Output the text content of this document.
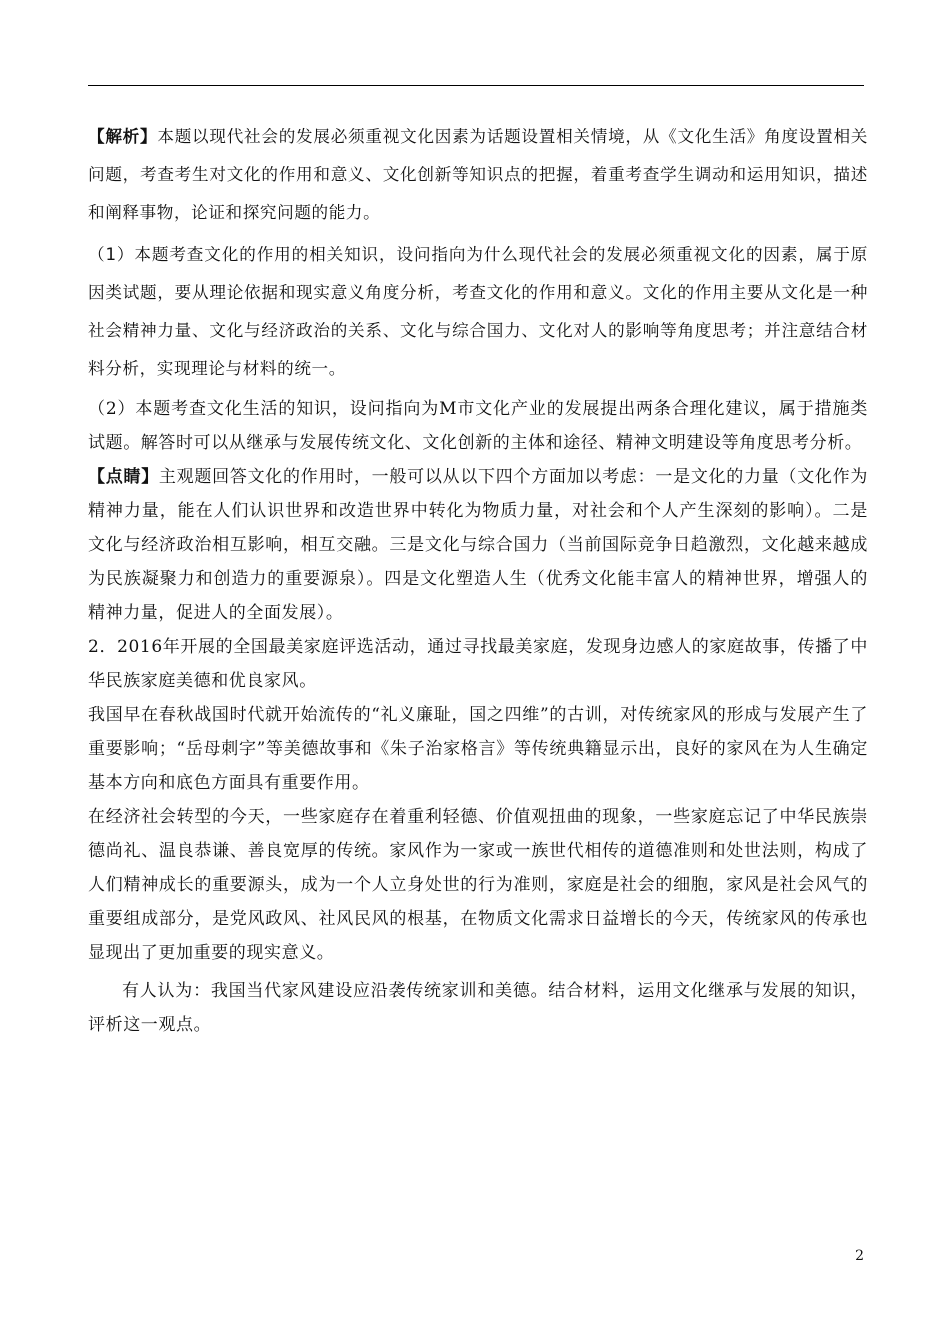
【解析】本题以现代社会的发展必须重视文化因素为话题设置相关情境，从《文化生活》角度设置相关问题，考查考生对文化的作用和意义、文化创新等知识点的把握，着重考查学生调动和运用知识，描述和阐释事物，论证和探究问题的能力。

（1）本题考查文化的作用的相关知识，设问指向为什么现代社会的发展必须重视文化的因素，属于原因类试题，要从理论依据和现实意义角度分析，考查文化的作用和意义。文化的作用主要从文化是一种社会精神力量、文化与经济政治的关系、文化与综合国力、文化对人的影响等角度思考；并注意结合材料分析，实现理论与材料的统一。

（2）本题考查文化生活的知识，设问指向为M市文化产业的发展提出两条合理化建议，属于措施类试题。解答时可以从继承与发展传统文化、文化创新的主体和途径、精神文明建设等角度思考分析。

【点睛】主观题回答文化的作用时，一般可以从以下四个方面加以考虑：一是文化的力量（文化作为精神力量，能在人们认识世界和改造世界中转化为物质力量，对社会和个人产生深刻的影响）。二是文化与经济政治相互影响，相互交融。三是文化与综合国力（当前国际竞争日趋激烈，文化越来越成为民族凝聚力和创造力的重要源泉）。四是文化塑造人生（优秀文化能丰富人的精神世界，增强人的精神力量，促进人的全面发展）。

2．2016年开展的全国最美家庭评选活动，通过寻找最美家庭，发现身边感人的家庭故事，传播了中华民族家庭美德和优良家风。

我国早在春秋战国时代就开始流传的“礼义廉耻，国之四维”的古训，对传统家风的形成与发展产生了重要影响；“岳母刺字”等美德故事和《朱子治家格言》等传统典籍显示出，良好的家风在为人生确定基本方向和底色方面具有重要作用。

在经济社会转型的今天，一些家庭存在着重利轻德、价值观扭曲的现象，一些家庭忘记了中华民族崇德尚礼、温良恭谦、善良宽厚的传统。家风作为一家或一族世代相传的道德准则和处世法则，构成了人们精神成长的重要源头，成为一个人立身处世的行为准则，家庭是社会的细胞，家风是社会风气的重要组成部分，是党风政风、社风民风的根基，在物质文化需求日益增长的今天，传统家风的传承也显现出了更加重要的现实意义。

有人认为：我国当代家风建设应沿袭传统家训和美德。结合材料，运用文化继承与发展的知识，评析这一观点。

2
